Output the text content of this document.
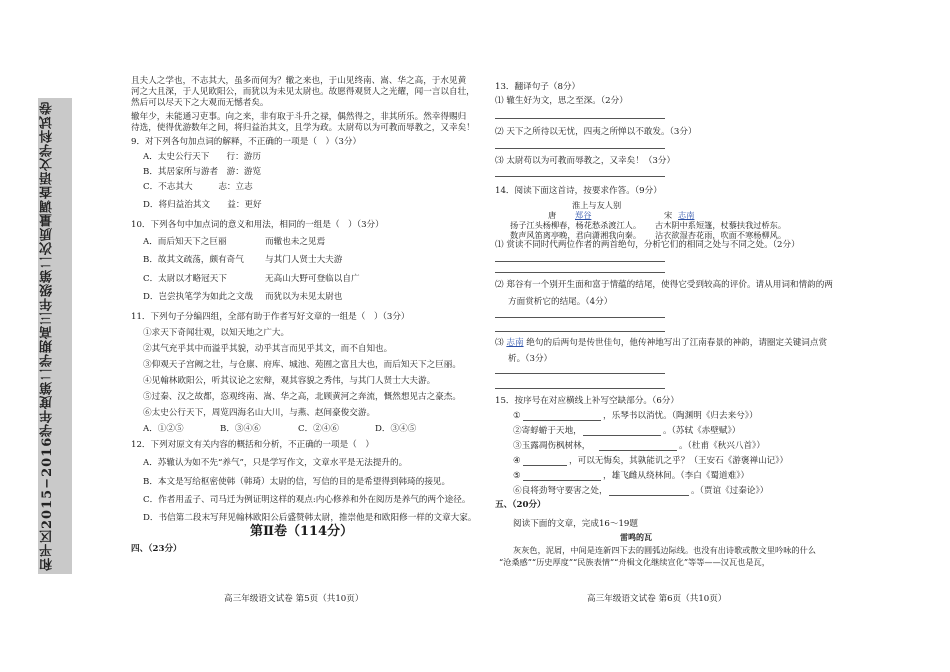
和平区2015−2016学年度第二学期高三年级第二次质量调查语文学科试卷
且夫人之学也，不志其大，虽多而何为？辙之来也，于山见终南、嵩、华之高，于水见黄
河之大且深，于人见欧阳公，而犹以为未见太尉也。故愿得观贤人之光耀，闻一言以自壮，
然后可以尽天下之大观而无憾者矣。
辙年少，未能通习吏事。向之来，非有取于斗升之禄，偶然得之，非其所乐。然幸得赐归
待选，使得优游数年之间，将归益治其文，且学为政。太尉苟以为可教而辱教之，又幸矣！
9．对下列各句加点词的解释，不正确的一项是（　）（3分）
A．太史公行天下　　行：游历
B．其居家所与游者　游：游览
C．不志其大　　　志：立志
D．将归益治其文　　益：更好
10．下列各句中加点词的意义和用法，相同的一组是（　）（3分）
A．而后知天下之巨丽	而辙也未之见焉
B．故其文疏荡，颇有奇气 与其门人贤士大夫游
C．太尉以才略冠天下	无高山大野可登临以自广
D．岂尝执笔学为如此之文哉 而犹以为未见太尉也
11．下列句子分编四组，全部有助于作者写好文章的一组是（　）（3分）
①求天下奇闻壮观，以知天地之广大。
②其气充乎其中而溢乎其貌，动乎其言而见乎其文，而不自知也。
③仰观天子宫阙之壮，与仓廪、府库、城池、苑囿之富且大也，而后知天下之巨丽。
④见翰林欧阳公，听其议论之宏辩，观其容貌之秀伟，与其门人贤士大夫游。
⑤过秦、汉之故都，恣观终南、嵩、华之高，北顾黄河之奔流，慨然想见古之豪杰。
⑥太史公行天下，周览四海名山大川，与燕、赵间豪俊交游。
A．①②⑤	B．③④⑥	C．②④⑥	D．③④⑤
12．下列对原文有关内容的概括和分析，不正确的一项是（　）
A．苏辙认为如不先“养气”，只是学写作文，文章水平是无法提升的。
B．本文是写给枢密使韩（韩琦）太尉的信，写信的目的是希望得到韩琦的接见。
C．作者用孟子、司马迁为例证明这样的观点:内心修养和外在阅历是养气的两个途径。
D．书信第二段末写拜见翰林欧阳公后盛赞韩太尉，推崇他是和欧阳修一样的文章大家。
第Ⅱ卷（114分）
四、（23分）
高三年级语文试卷 第5页（共10页）
13．翻译句子（8分）
⑴ 辙生好为文，思之至深。（2分）
⑵ 天下之所待以无忧，四夷之所惮以不敢发。（3分）
⑶ 太尉苟以为可教而辱教之，又幸矣！（3分）
14．阅读下面这首诗，按要求作答。（9分）
淮上与友人别
唐 郑谷	宋 志南
扬子江头杨柳春，杨花愁杀渡江人。 古木阴中系短篷，杖藜扶我过桥东。
数声风笛离亭晚，君向潇湘我向秦。 沾衣欲湿杏花雨，吹面不寒杨柳风。
⑴ 赏读不同时代两位作者的两首绝句，分析它们的相同之处与不同之处。（2分）
⑵ 郑谷有一个别开生面和富于情蕴的结尾，使得它受到较高的评价。请从用词和情韵的两
方面赏析它的结尾。（4分）
⑶ 志南 绝句的后两句是传世佳句，他传神地写出了江南春景的神韵，请圈定关键词点赏
析。（3分）
15．按序号在对应横线上补写空缺部分。（6分）
①	，乐琴书以消忧。（陶渊明《归去来兮》）
②寄蜉蝣于天地，	。（苏轼《赤壁赋》）
③玉露凋伤枫树林，	。（杜甫《秋兴八首》）
④	，可以无悔矣，其孰能讥之乎？（王安石《游褒禅山记》）
⑤	，雄飞雌从绕林间。（李白《蜀道难》）
⑥良将劲弩守要害之处，	。（贾谊《过秦论》）
五、（20分）
阅读下面的文章，完成16～19题
雷鸣的瓦
灰灰色，泥屑，中间是连新四下去的圆弧边际线。也没有出诗歌或散文里吟咏的什么
“沧桑感”“历史厚度”“民族表情”“舟楫文化继续宣化”等等——汉瓦也是瓦，
高三年级语文试卷 第6页（共10页）
